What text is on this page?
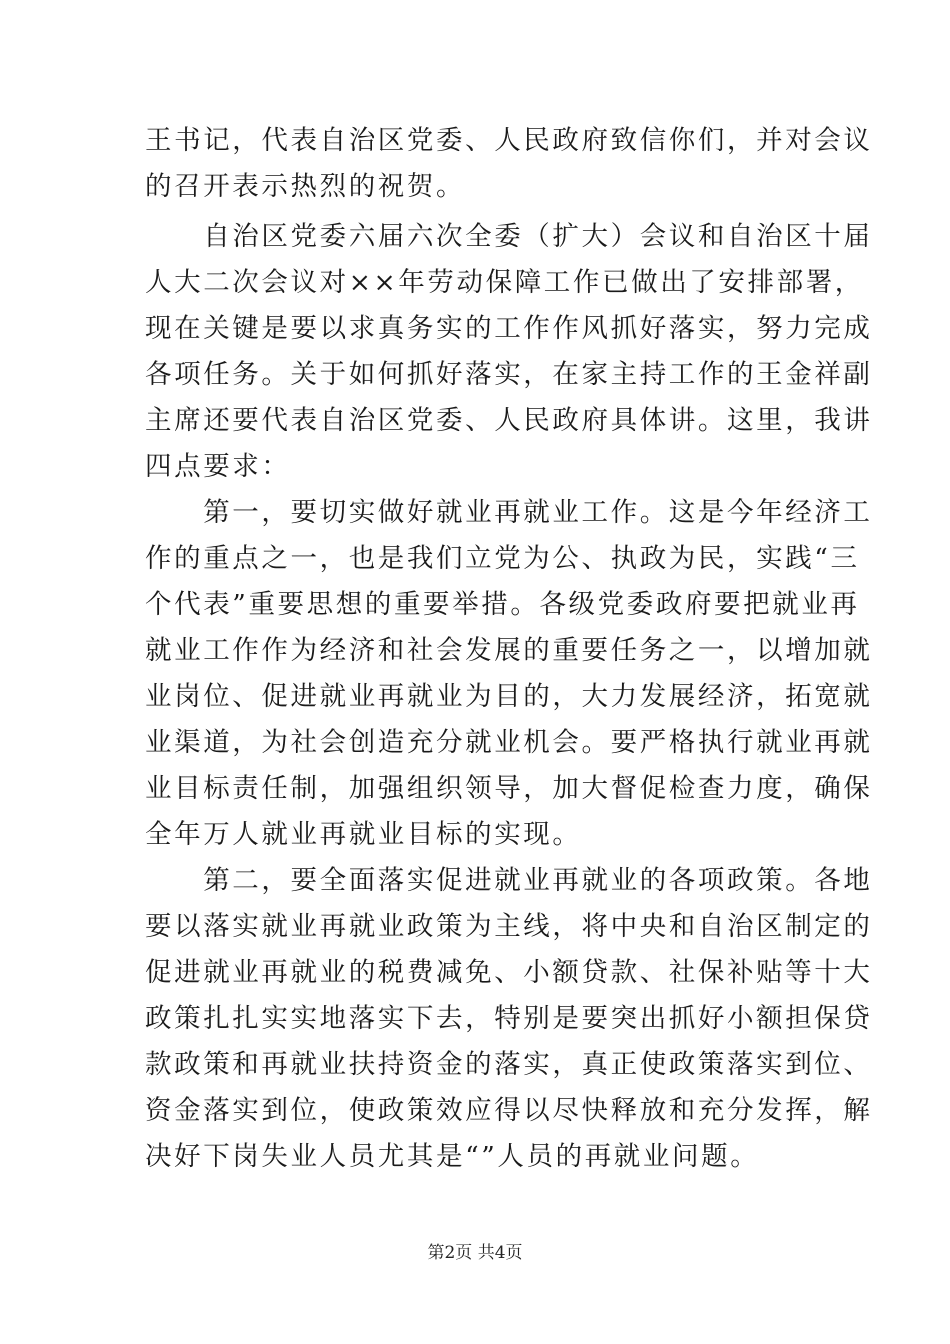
王书记，代表自治区党委、人民政府致信你们，并对会议
的召开表示热烈的祝贺。
　　自治区党委六届六次全委（扩大）会议和自治区十届
人大二次会议对××年劳动保障工作已做出了安排部署，
现在关键是要以求真务实的工作作风抓好落实，努力完成
各项任务。关于如何抓好落实，在家主持工作的王金祥副
主席还要代表自治区党委、人民政府具体讲。这里，我讲
四点要求：
　　第一，要切实做好就业再就业工作。这是今年经济工
作的重点之一，也是我们立党为公、执政为民，实践“三
个代表”重要思想的重要举措。各级党委政府要把就业再
就业工作作为经济和社会发展的重要任务之一，以增加就
业岗位、促进就业再就业为目的，大力发展经济，拓宽就
业渠道，为社会创造充分就业机会。要严格执行就业再就
业目标责任制，加强组织领导，加大督促检查力度，确保
全年万人就业再就业目标的实现。
　　第二，要全面落实促进就业再就业的各项政策。各地
要以落实就业再就业政策为主线，将中央和自治区制定的
促进就业再就业的税费减免、小额贷款、社保补贴等十大
政策扎扎实实地落实下去，特别是要突出抓好小额担保贷
款政策和再就业扶持资金的落实，真正使政策落实到位、
资金落实到位，使政策效应得以尽快释放和充分发挥，解
决好下岗失业人员尤其是“”人员的再就业问题。
第2页 共4页
